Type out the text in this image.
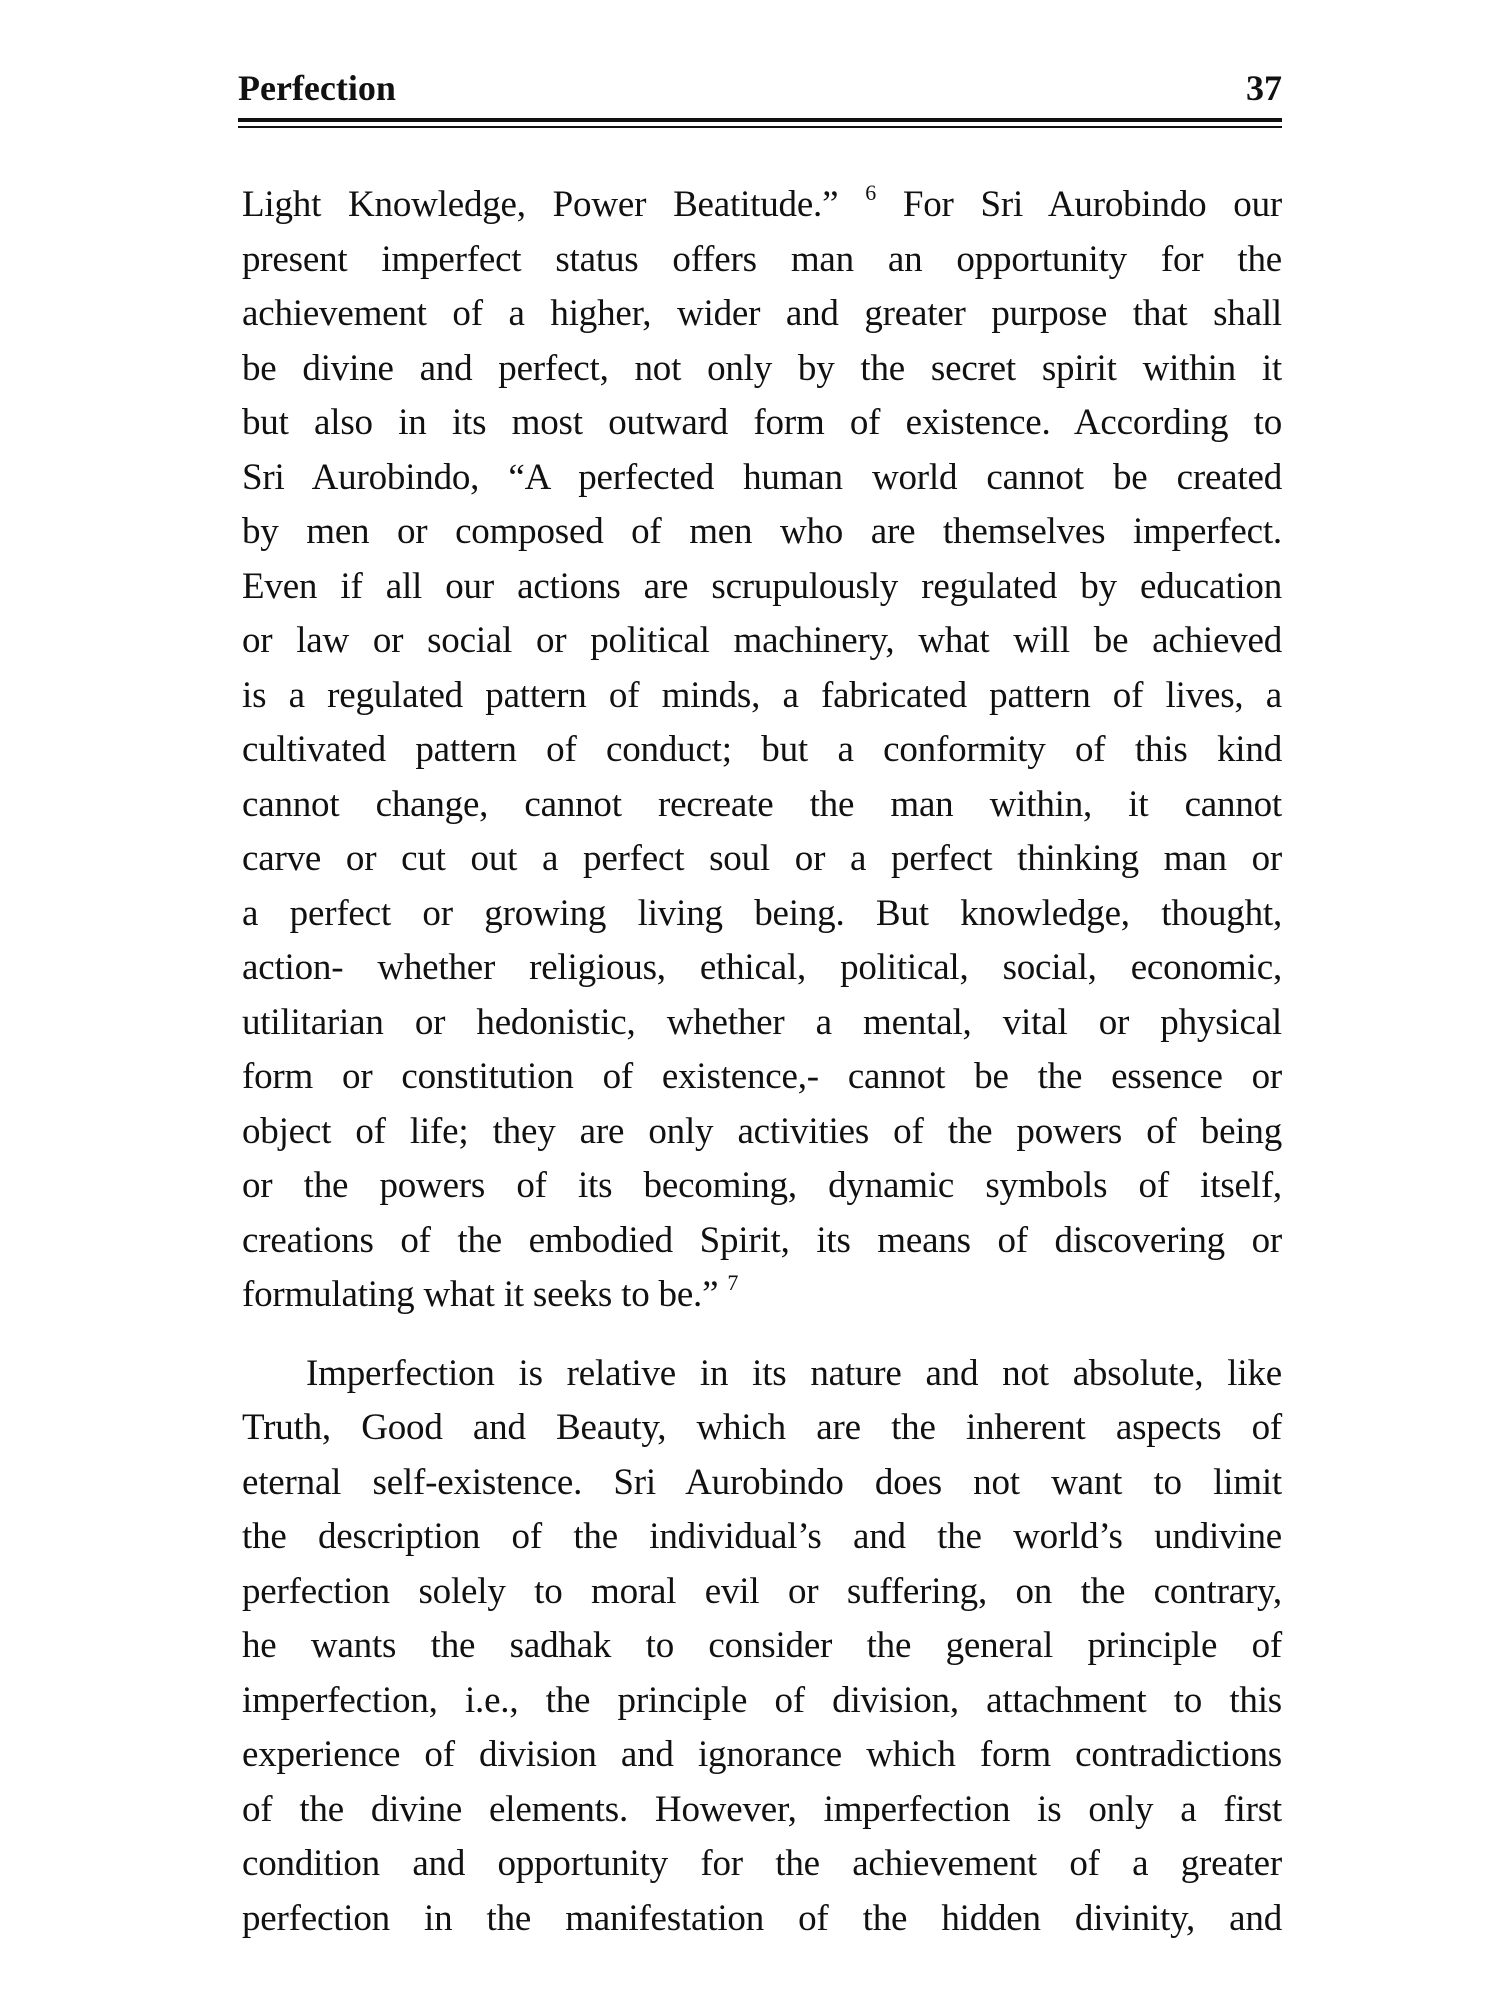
Perfection	37
Light Knowledge, Power Beatitude.” $^6$ For Sri Aurobindo our
present imperfect status offers man an opportunity for the
achievement of a higher, wider and greater purpose that shall
be divine and perfect, not only by the secret spirit within it
but also in its most outward form of existence. According to
Sri Aurobindo, “A perfected human world cannot be created
by men or composed of men who are themselves imperfect.
Even if all our actions are scrupulously regulated by education
or law or social or political machinery, what will be achieved
is a regulated pattern of minds, a fabricated pattern of lives, a
cultivated pattern of conduct; but a conformity of this kind
cannot change, cannot recreate the man within, it cannot
carve or cut out a perfect soul or a perfect thinking man or
a perfect or growing living being. But knowledge, thought,
action- whether religious, ethical, political, social, economic,
utilitarian or hedonistic, whether a mental, vital or physical
form or constitution of existence,- cannot be the essence or
object of life; they are only activities of the powers of being
or the powers of its becoming, dynamic symbols of itself,
creations of the embodied Spirit, its means of discovering or
formulating what it seeks to be.” $^7$
Imperfection is relative in its nature and not absolute, like
Truth, Good and Beauty, which are the inherent aspects of
eternal self-existence. Sri Aurobindo does not want to limit
the description of the individual’s and the world’s undivine
perfection solely to moral evil or suffering, on the contrary,
he wants the sadhak to consider the general principle of
imperfection, i.e., the principle of division, attachment to this
experience of division and ignorance which form contradictions
of the divine elements. However, imperfection is only a first
condition and opportunity for the achievement of a greater
perfection in the manifestation of the hidden divinity, and
